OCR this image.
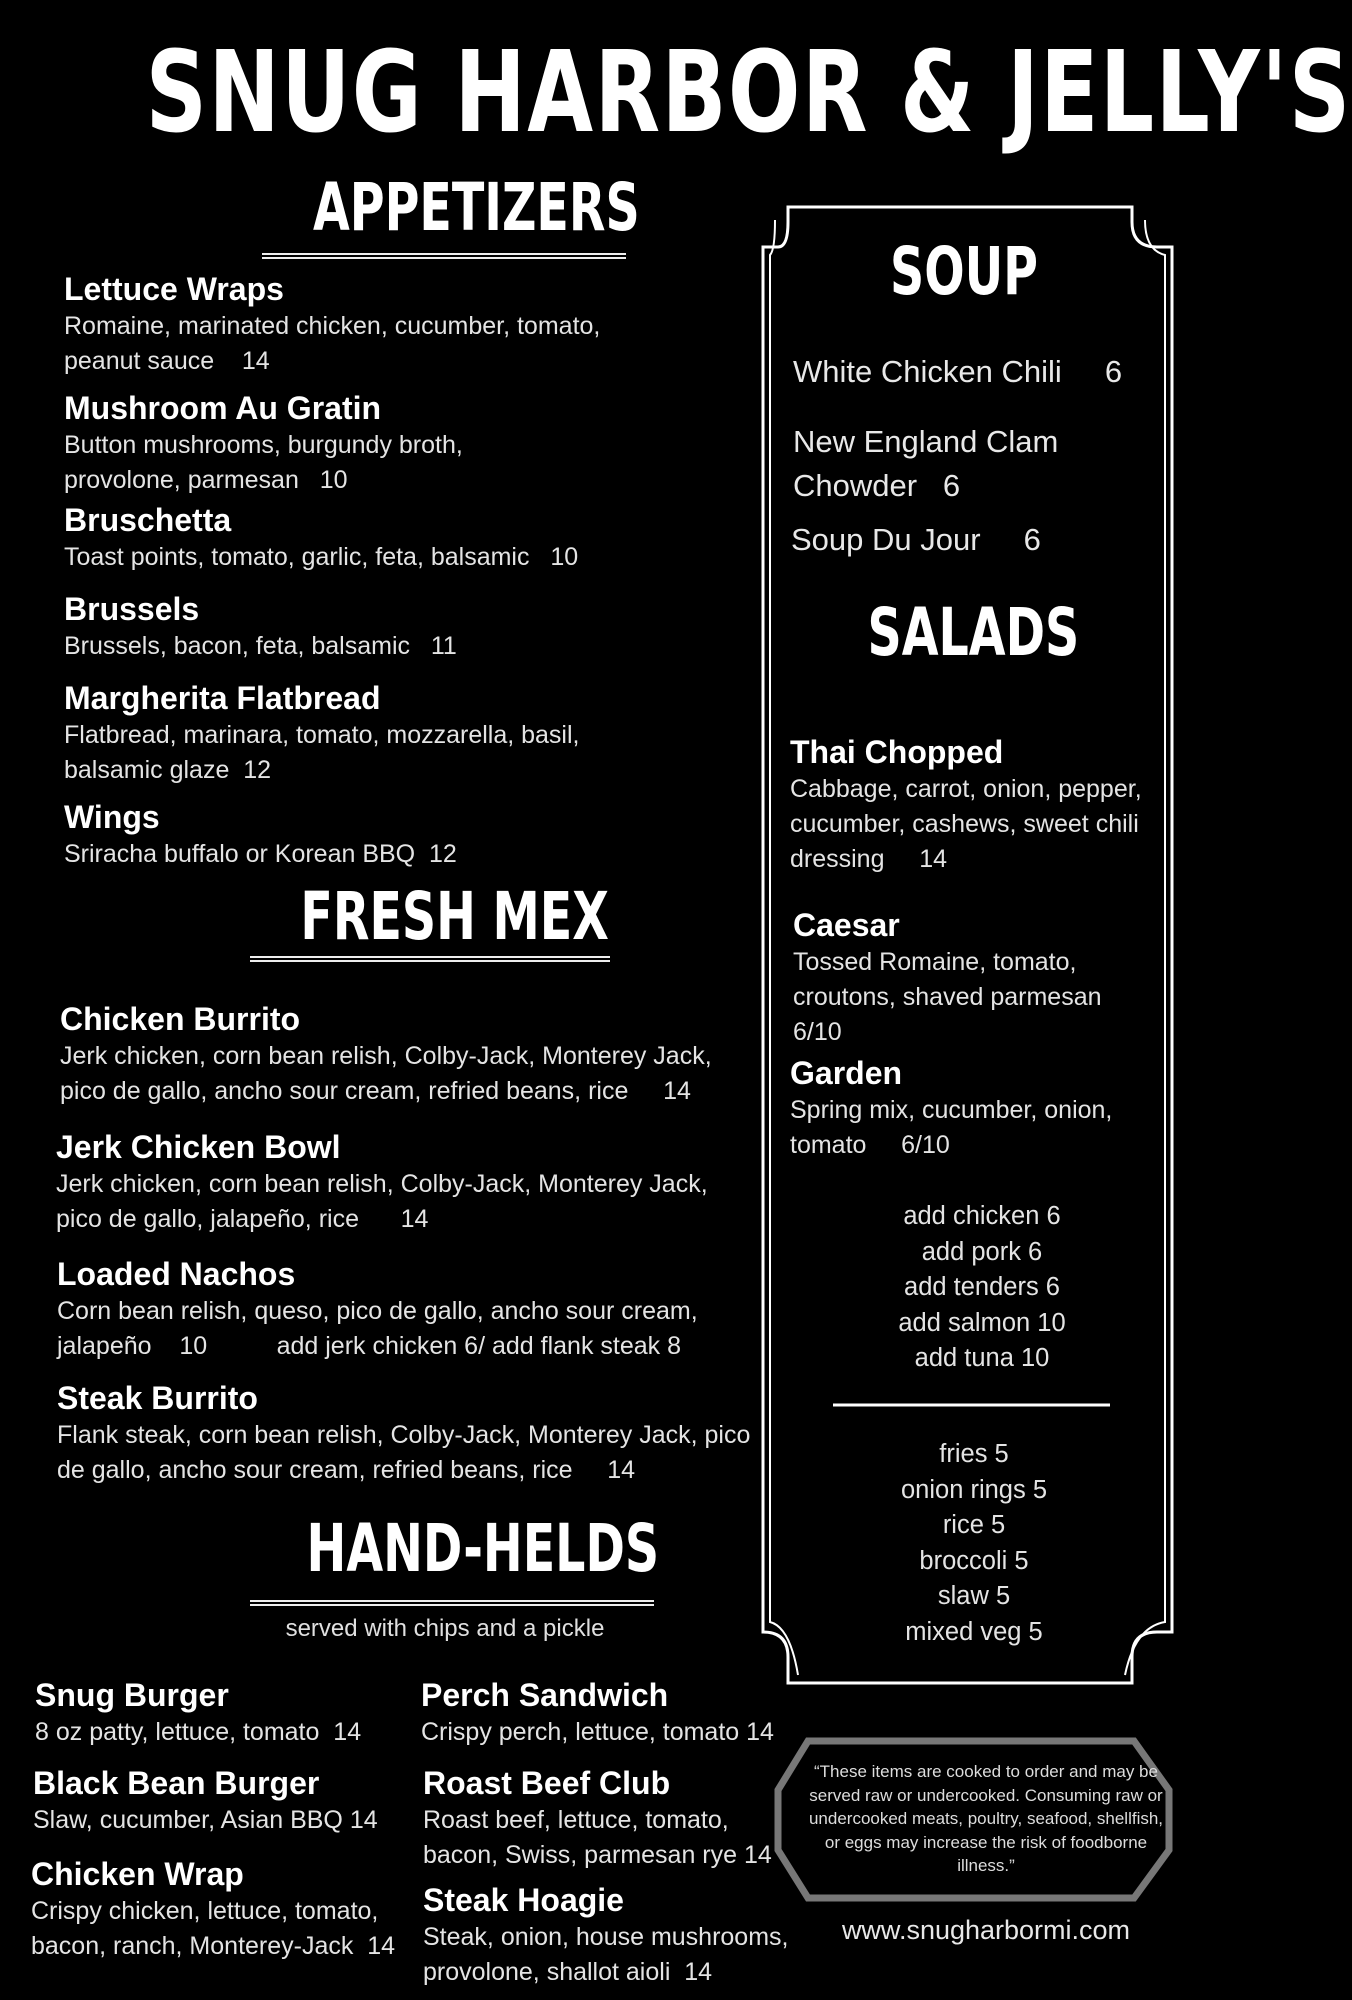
SNUG HARBOR & JELLY'S
APPETIZERS
Lettuce Wraps
Romaine, marinated chicken, cucumber, tomato,
peanut sauce    14
Mushroom Au Gratin
Button mushrooms, burgundy broth,
provolone, parmesan   10
Bruschetta
Toast points, tomato, garlic, feta, balsamic   10
Brussels
Brussels, bacon, feta, balsamic   11
Margherita Flatbread
Flatbread, marinara, tomato, mozzarella, basil,
balsamic glaze  12
Wings
Sriracha buffalo or Korean BBQ  12
FRESH MEX
Chicken Burrito
Jerk chicken, corn bean relish, Colby-Jack, Monterey Jack,
pico de gallo, ancho sour cream, refried beans, rice     14
Jerk Chicken Bowl
Jerk chicken, corn bean relish, Colby-Jack, Monterey Jack,
pico de gallo, jalapeño, rice      14
Loaded Nachos
Corn bean relish, queso, pico de gallo, ancho sour cream,
jalapeño    10          add jerk chicken 6/ add flank steak 8
Steak Burrito
Flank steak, corn bean relish, Colby-Jack, Monterey Jack, pico
de gallo, ancho sour cream, refried beans, rice     14
HAND-HELDS
served with chips and a pickle
Snug Burger
8 oz patty, lettuce, tomato  14
Black Bean Burger
Slaw, cucumber, Asian BBQ 14
Chicken Wrap
Crispy chicken, lettuce, tomato,
bacon, ranch, Monterey-Jack  14
Perch Sandwich
Crispy perch, lettuce, tomato 14
Roast Beef Club
Roast beef, lettuce, tomato,
bacon, Swiss, parmesan rye 14
Steak Hoagie
Steak, onion, house mushrooms,
provolone, shallot aioli  14
SOUP
White Chicken Chili     6
New England Clam
Chowder   6
Soup Du Jour     6
SALADS
Thai Chopped
Cabbage, carrot, onion, pepper,
cucumber, cashews, sweet chili
dressing     14
Caesar
Tossed Romaine, tomato,
croutons, shaved parmesan
6/10
Garden
Spring mix, cucumber, onion,
tomato     6/10
add chicken 6
add pork 6
add tenders 6
add salmon 10
add tuna 10
fries 5
onion rings 5
rice 5
broccoli 5
slaw 5
mixed veg 5
“These items are cooked to order and may be served raw or undercooked. Consuming raw or undercooked meats, poultry, seafood, shellfish, or eggs may increase the risk of foodborne illness.”
www.snugharbormi.com
